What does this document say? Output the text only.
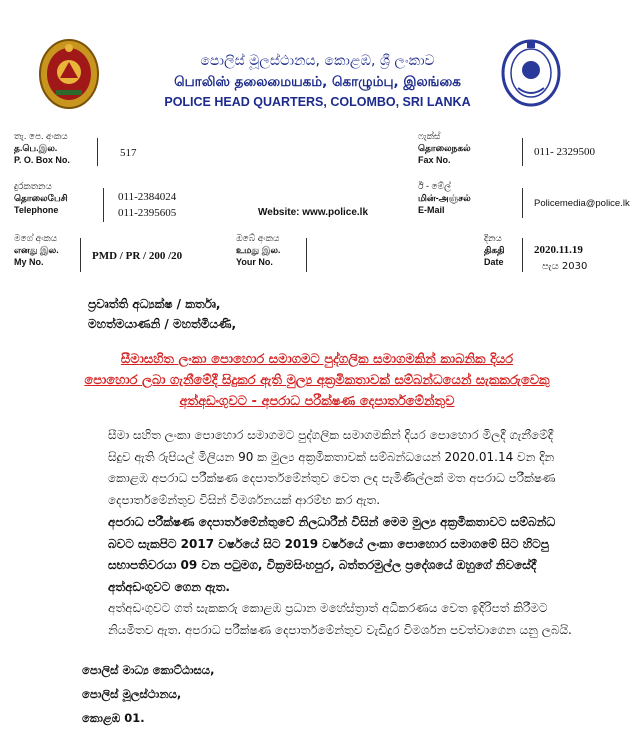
පොලිස් මූලස්ථානය, කොළඹ, ශ්‍රී ලංකාව
பொலிஸ் தலைமையகம், கொழும்பு, இலங்கை
POLICE HEAD QUARTERS, COLOMBO, SRI LANKA
තැ. පෙ. අංකය
த.பெ.இல.
P. O. Box No.
517
ෆැක්ස්
தொலைநகல்
Fax No.
011- 2329500
දුරකතනය
தொலைபேசி
Telephone
011-2384024
011-2395605	Website: www.police.lk
ඊ - මේල්
மின்-அஞ்சல்
E-Mail
Policemedia@police.lk
මගේ අංකය
எனது இல.
My No.	PMD / PR / 200 /20
ඔබේ අංකය
உமது இல.
Your No.
දිනය
திகதி
Date
2020.11.19
පැය 2030
ප්‍රවෘත්ති අධ්‍යක්ෂ / කර්තෘ,
මහත්මයාණනි / මහත්මියණි,
සීමාසහිත ලංකා පොහොර සමාගමට පුද්ගලික සමාගමකින් කාබනික දියර
පොහොර ලබා ගැනීමේදී සිදුකර ඇති මුල්‍ය අක්‍රමිකතාවක් සම්බන්ධයෙන් සැකකරුවෙකු
අත්අඩංගුවට - අපරාධ පරීක්ෂණ දෙපාර්තමේන්තුව
සීමා සහිත ලංකා පොහොර සමාගමට පුද්ගලික සමාගමකින් දියර පොහොර මිලදී ගැනීමේදී
සිදුව ඇති රුපියල් මිලියන 90 ක මුල්‍ය අක්‍රමිකතාවක් සම්බන්ධයෙන් 2020.01.14 වන දින
කොළඹ අපරාධ පරීක්ෂණ දෙපාර්තමේන්තුව වෙත ලද පැමිණිල්ලක් මත අපරාධ පරීක්ෂණ
දෙපාර්තමේන්තුව විසින් විමර්ශනයක් ආරම්භ කර ඇත.
අපරාධ පරීක්ෂණ දෙපාර්තමේන්තුවේ නිලධාරීන් විසින් මෙම මුල්‍ය අක්‍රමිකතාවට සම්බන්ධ
බවට සැකපිට 2017 වර්ෂයේ සිට 2019 වර්ෂයේ ලංකා පොහොර සමාගමේ සිට හිටපු
සභාපතිවරයා 09 වන පටුමග, වික්‍රමසිංහපුර, බත්තරමුල්ල ප්‍රදේශයේ ඔහුගේ නිවසේදී
අත්අඩංගුවට ගෙන ඇත.
අත්අඩංගුවට ගත් සැකකරු කොළඹ ප්‍රධාන මහේස්ත්‍රාත් අධිකරණය වෙත ඉදිරිපත් කිරීමට
නියමිතව ඇත. අපරාධ පරීක්ෂණ දෙපාර්තමේන්තුව වැඩිදුර විමර්ශන පවත්වාගෙන යනු ලබයි.
පොලිස් මාධ්‍ය කොට්ඨාසය,
පොලිස් මූලස්ථානය,
කොළඹ 01.
